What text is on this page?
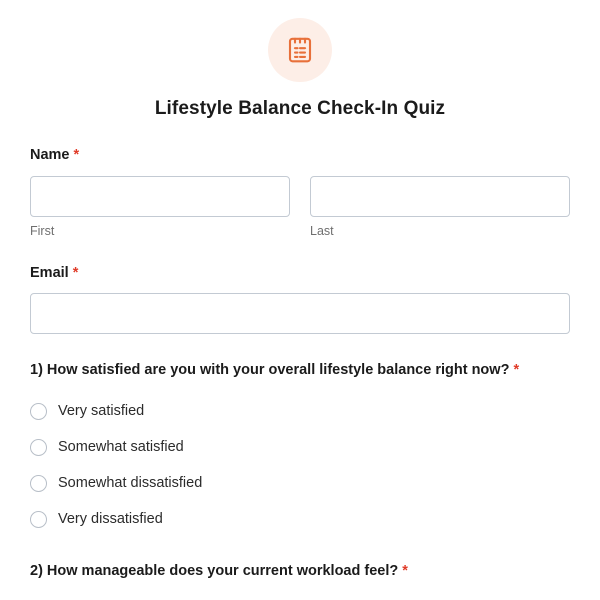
Lifestyle Balance Check-In Quiz
Name *
First	Last
Email *
1) How satisfied are you with your overall lifestyle balance right now? *
Very satisfied
Somewhat satisfied
Somewhat dissatisfied
Very dissatisfied
2) How manageable does your current workload feel? *
